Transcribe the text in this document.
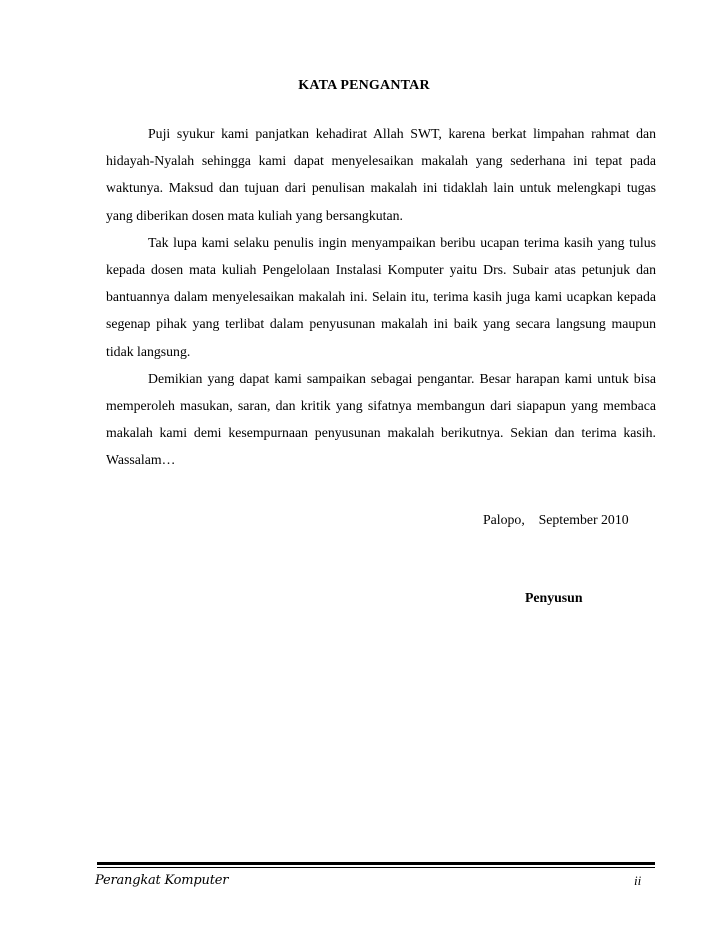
KATA PENGANTAR

Puji syukur kami panjatkan kehadirat Allah SWT, karena berkat limpahan rahmat dan hidayah-Nyalah sehingga kami dapat menyelesaikan makalah yang sederhana ini tepat pada waktunya. Maksud dan tujuan dari penulisan makalah ini tidaklah lain untuk melengkapi tugas yang diberikan dosen mata kuliah yang bersangkutan.

Tak lupa kami selaku penulis ingin menyampaikan beribu ucapan terima kasih yang tulus kepada dosen mata kuliah Pengelolaan Instalasi Komputer yaitu Drs. Subair atas petunjuk dan bantuannya dalam menyelesaikan makalah ini. Selain itu, terima kasih juga kami ucapkan kepada segenap pihak yang terlibat dalam penyusunan makalah ini baik yang secara langsung maupun tidak langsung.

Demikian yang dapat kami sampaikan sebagai pengantar. Besar harapan kami untuk bisa memperoleh masukan, saran, dan kritik yang sifatnya membangun dari siapapun yang membaca makalah kami demi kesempurnaan penyusunan makalah berikutnya. Sekian dan terima kasih. Wassalam…

Palopo,    September 2010
Penyusun
Perangkat Komputer	ii
